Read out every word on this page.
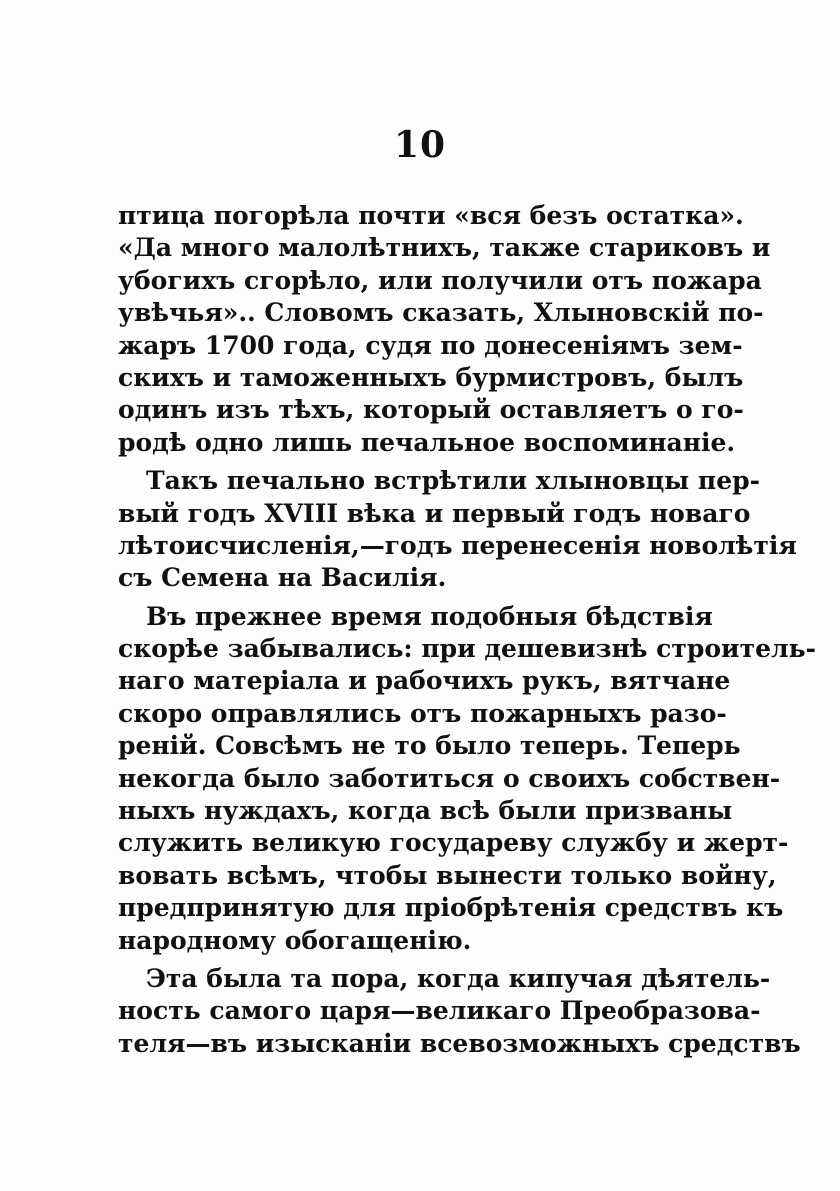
10
птица погорѣла почти «вся безъ остатка».
«Да много малолѣтнихъ, также стариковъ и
убогихъ сгорѣло, или получили отъ пожара
увѣчья».. Словомъ сказать, Хлыновскій по-
жаръ 1700 года, судя по донесеніямъ зем-
скихъ и таможенныхъ бурмистровъ, былъ
одинъ изъ тѣхъ, который оставляетъ о го-
родѣ одно лишь печальное воспоминаніе.
Такъ печально встрѣтили хлыновцы пер-
вый годъ XVIII вѣка и первый годъ новаго
лѣтоисчисленія,—годъ перенесенія новолѣтія
съ Семена на Василія.
Въ прежнее время подобныя бѣдствія
скорѣе забывались: при дешевизнѣ строитель-
наго матеріала и рабочихъ рукъ, вятчане
скоро оправлялись отъ пожарныхъ разо-
реній. Совсѣмъ не то было теперь. Теперь
некогда было заботиться о своихъ собствен-
ныхъ нуждахъ, когда всѣ были призваны
служить великую государеву службу и жерт-
вовать всѣмъ, чтобы вынести только войну,
предпринятую для пріобрѣтенія средствъ къ
народному обогащенію.
Эта была та пора, когда кипучая дѣятель-
ность самого царя—великаго Преобразова-
теля—въ изысканіи всевозможныхъ средствъ
